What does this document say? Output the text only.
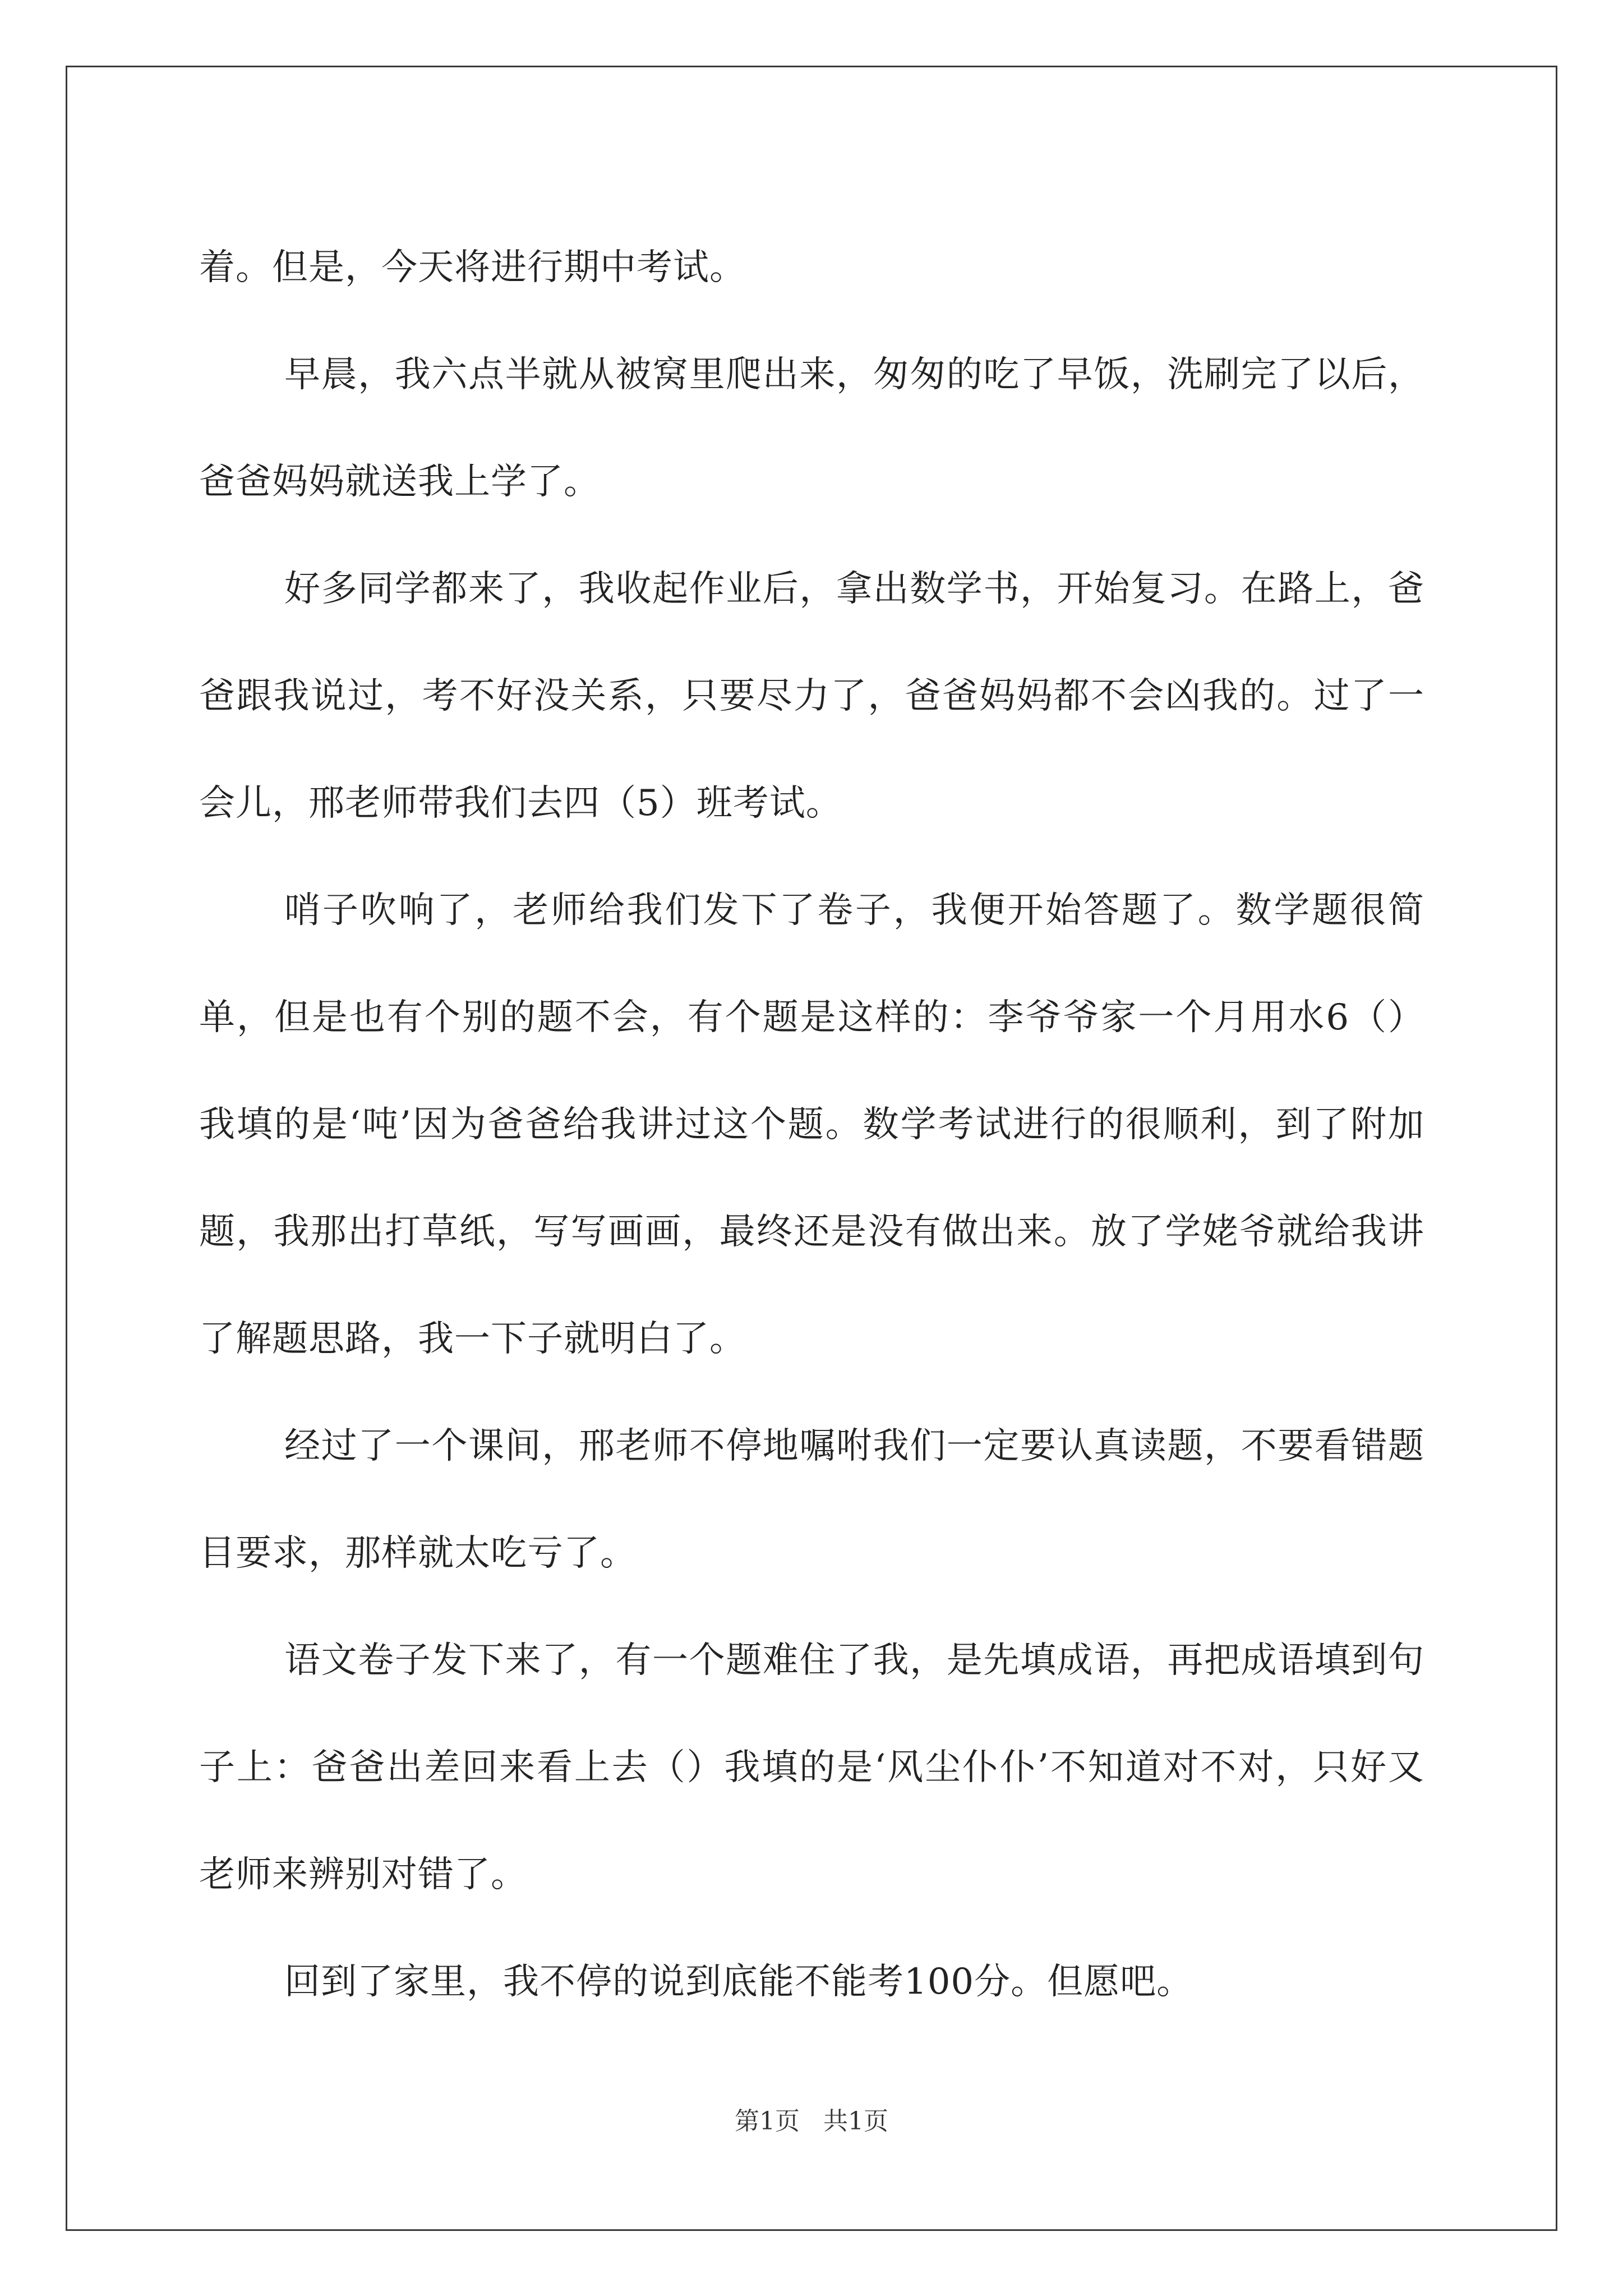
着。但是，今天将进行期中考试。

早晨，我六点半就从被窝里爬出来，匆匆的吃了早饭，洗刷完了以后，爸爸妈妈就送我上学了。

好多同学都来了，我收起作业后，拿出数学书，开始复习。在路上，爸爸跟我说过，考不好没关系，只要尽力了，爸爸妈妈都不会凶我的。过了一会儿，邢老师带我们去四（5）班考试。

哨子吹响了，老师给我们发下了卷子，我便开始答题了。数学题很简单，但是也有个别的题不会，有个题是这样的：李爷爷家一个月用水6（）我填的是‘吨’因为爸爸给我讲过这个题。数学考试进行的很顺利，到了附加题，我那出打草纸，写写画画，最终还是没有做出来。放了学姥爷就给我讲了解题思路，我一下子就明白了。

经过了一个课间，邢老师不停地嘱咐我们一定要认真读题，不要看错题目要求，那样就太吃亏了。

语文卷子发下来了，有一个题难住了我，是先填成语，再把成语填到句子上：爸爸出差回来看上去（）我填的是‘风尘仆仆’不知道对不对，只好又老师来辨别对错了。

回到了家里，我不停的说到底能不能考100分。但愿吧。

第1页   共1页
